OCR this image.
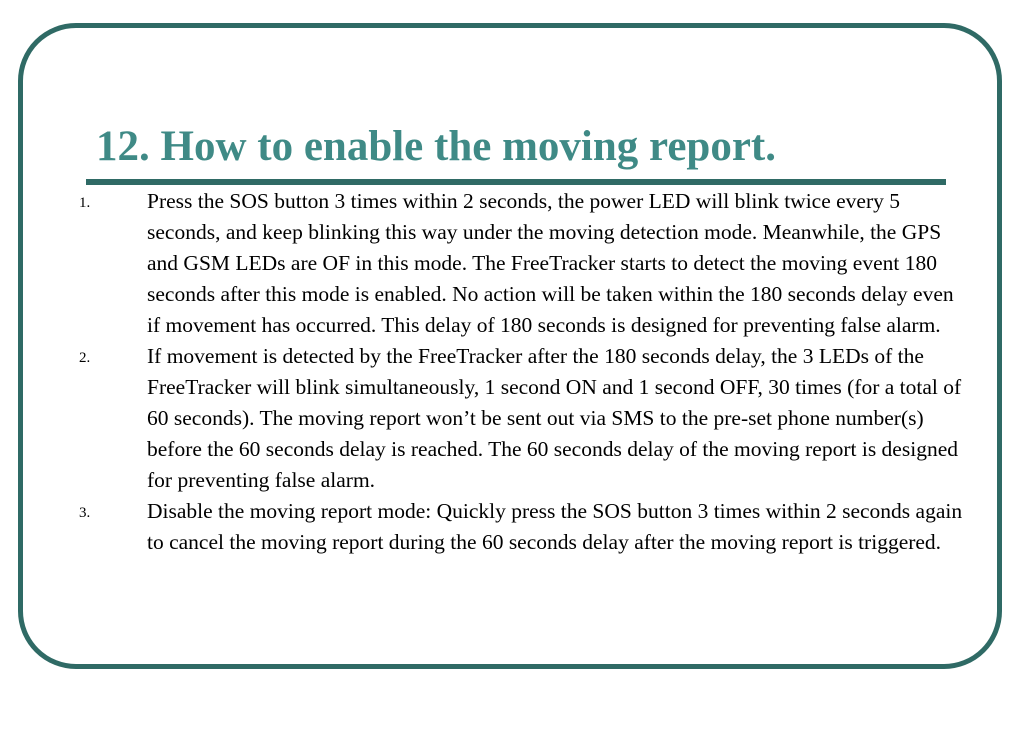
12. How to enable the moving report.
1.	Press the SOS button 3 times within 2 seconds, the power LED will blink twice every 5 seconds, and keep blinking this way under the moving detection mode. Meanwhile, the GPS and GSM LEDs are OF in this mode. The FreeTracker starts to detect the moving event 180 seconds after this mode is enabled. No action will be taken within the 180 seconds delay even if movement has occurred. This delay of 180 seconds is designed for preventing false alarm.

2.	If movement is detected by the FreeTracker after the 180 seconds delay, the 3 LEDs of the FreeTracker will blink simultaneously, 1 second ON and 1 second OFF, 30 times (for a total of 60 seconds). The moving report won’t be sent out via SMS to the pre-set phone number(s) before the 60 seconds delay is reached. The 60 seconds delay of the moving report is designed for preventing false alarm.

3.	Disable the moving report mode: Quickly press the SOS button 3 times within 2 seconds again to cancel the moving report during the 60 seconds delay after the moving report is triggered.
